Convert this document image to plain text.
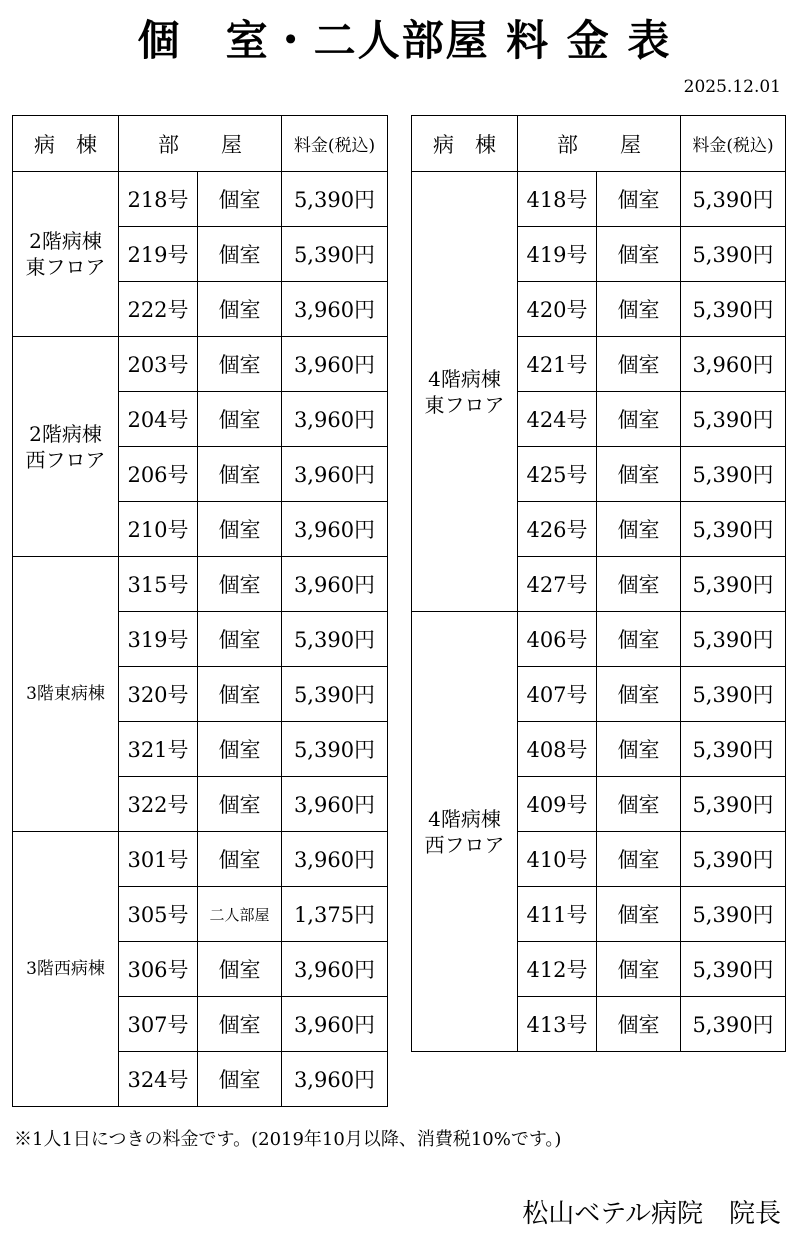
個　室・二人部屋 料 金 表
2025.12.01
病　棟	部　　屋		料金(税込)
2階病棟
東フロア	218号	個室	5,390円
	219号	個室	5,390円
	222号	個室	3,960円
2階病棟
西フロア	203号	個室	3,960円
	204号	個室	3,960円
	206号	個室	3,960円
	210号	個室	3,960円
3階東病棟	315号	個室	3,960円
	319号	個室	5,390円
	320号	個室	5,390円
	321号	個室	5,390円
	322号	個室	3,960円
3階西病棟	301号	個室	3,960円
	305号	二人部屋	1,375円
	306号	個室	3,960円
	307号	個室	3,960円
	324号	個室	3,960円
病　棟	部　　屋		料金(税込)
4階病棟
東フロア	418号	個室	5,390円
	419号	個室	5,390円
	420号	個室	5,390円
	421号	個室	3,960円
	424号	個室	5,390円
	425号	個室	5,390円
	426号	個室	5,390円
	427号	個室	5,390円
4階病棟
西フロア	406号	個室	5,390円
	407号	個室	5,390円
	408号	個室	5,390円
	409号	個室	5,390円
	410号	個室	5,390円
	411号	個室	5,390円
	412号	個室	5,390円
	413号	個室	5,390円
※1人1日につきの料金です。(2019年10月以降、消費税10%です。)
松山ベテル病院　院長
